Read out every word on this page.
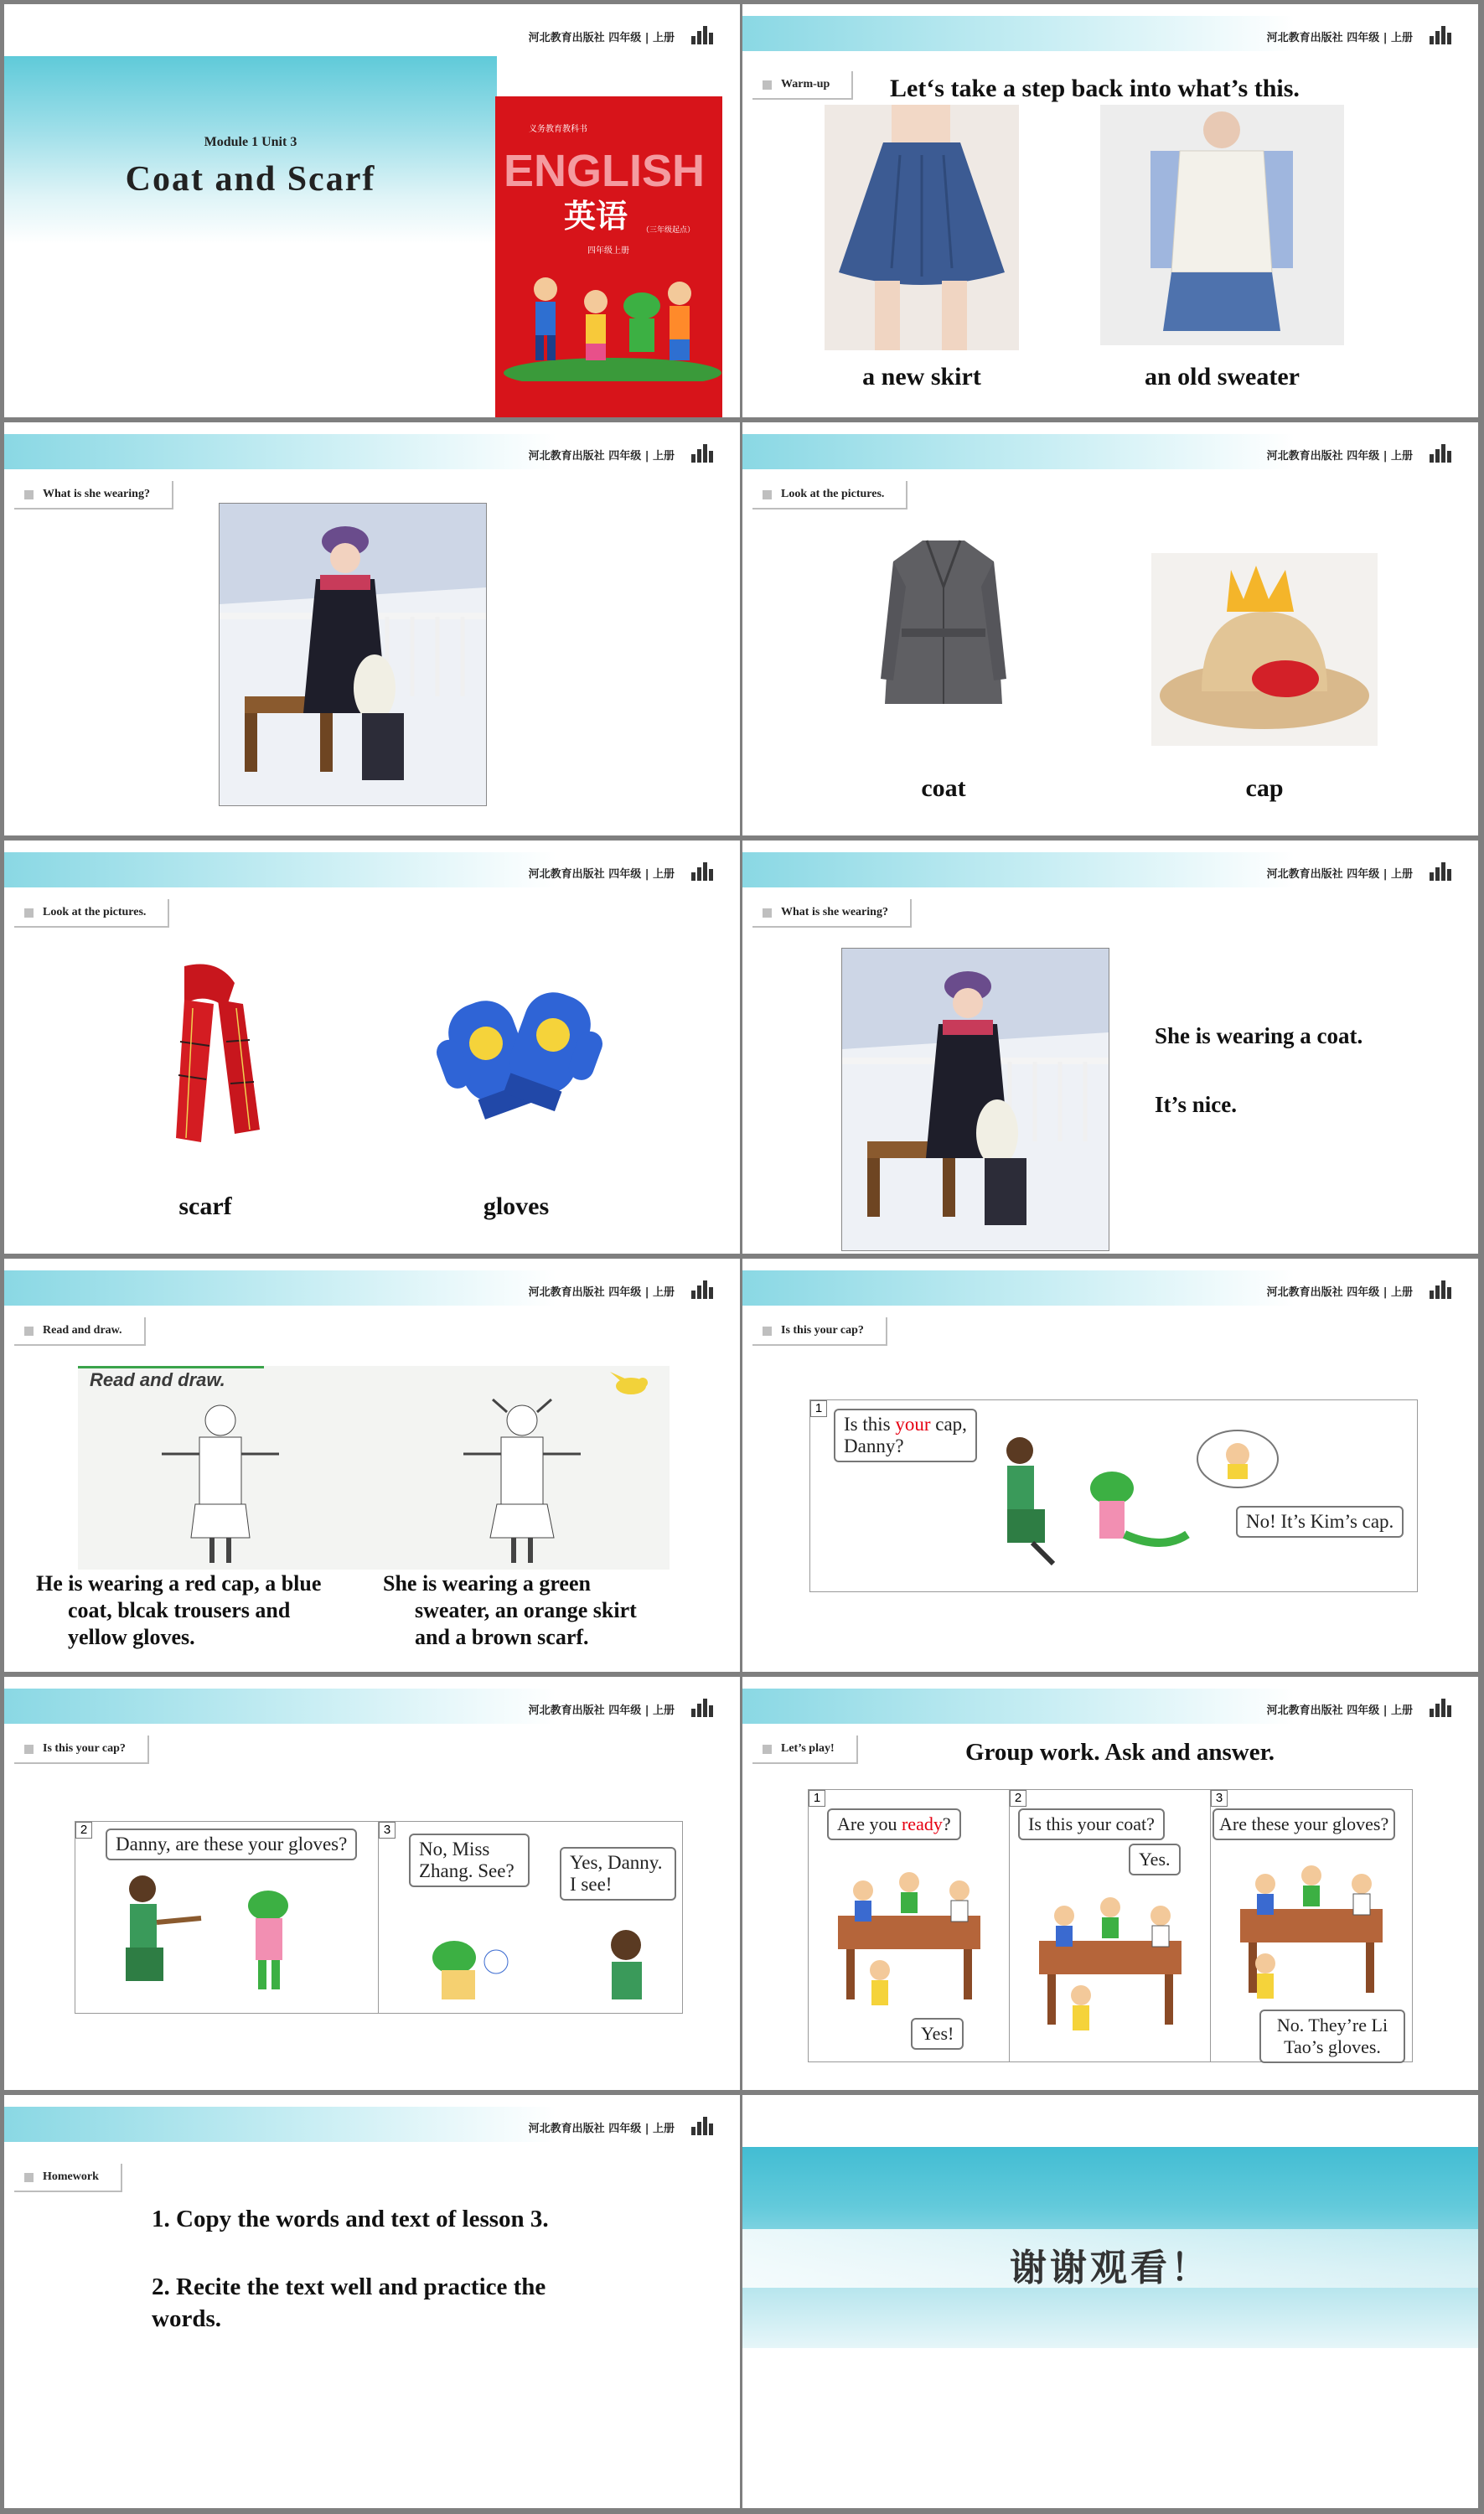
河北教育出版社 四年级 | 上册
Module 1 Unit 3
Coat and Scarf
义务教育教科书
ENGLISH
英语 （三年级起点）
四年级上册
河北教育出版社 四年级 | 上册
Warm-up	Let‘s take a step back into what’s this.
a new skirt	an old sweater
河北教育出版社 四年级 | 上册
What is she wearing?
河北教育出版社 四年级 | 上册
Look at the pictures.
coat	cap
河北教育出版社 四年级 | 上册
Look at the pictures.
scarf	gloves
河北教育出版社 四年级 | 上册
What is she wearing?
She is wearing a coat.
It’s nice.
河北教育出版社 四年级 | 上册
Read and draw.
Read and draw.
He is wearing a red cap, a blue
coat, blcak trousers and
yellow gloves.
She is wearing a green
sweater, an orange skirt
and a brown scarf.
河北教育出版社 四年级 | 上册
Is this your cap?
1
Is this your cap,
Danny?
No! It’s Kim’s cap.
河北教育出版社 四年级 | 上册
Is this your cap?
2
Danny, are these your gloves?
3
No, Miss Zhang. See?	Yes, Danny. I see!
河北教育出版社 四年级 | 上册
Let’s play!	Group work. Ask and answer.
1
Are you ready?
Yes!
2
Is this your coat?
Yes.
3
Are these your gloves?
No. They’re Li Tao’s gloves.
河北教育出版社 四年级 | 上册
Homework
1. Copy the words and text of lesson 3.
2. Recite the text well and practice the words.
谢谢观看！
